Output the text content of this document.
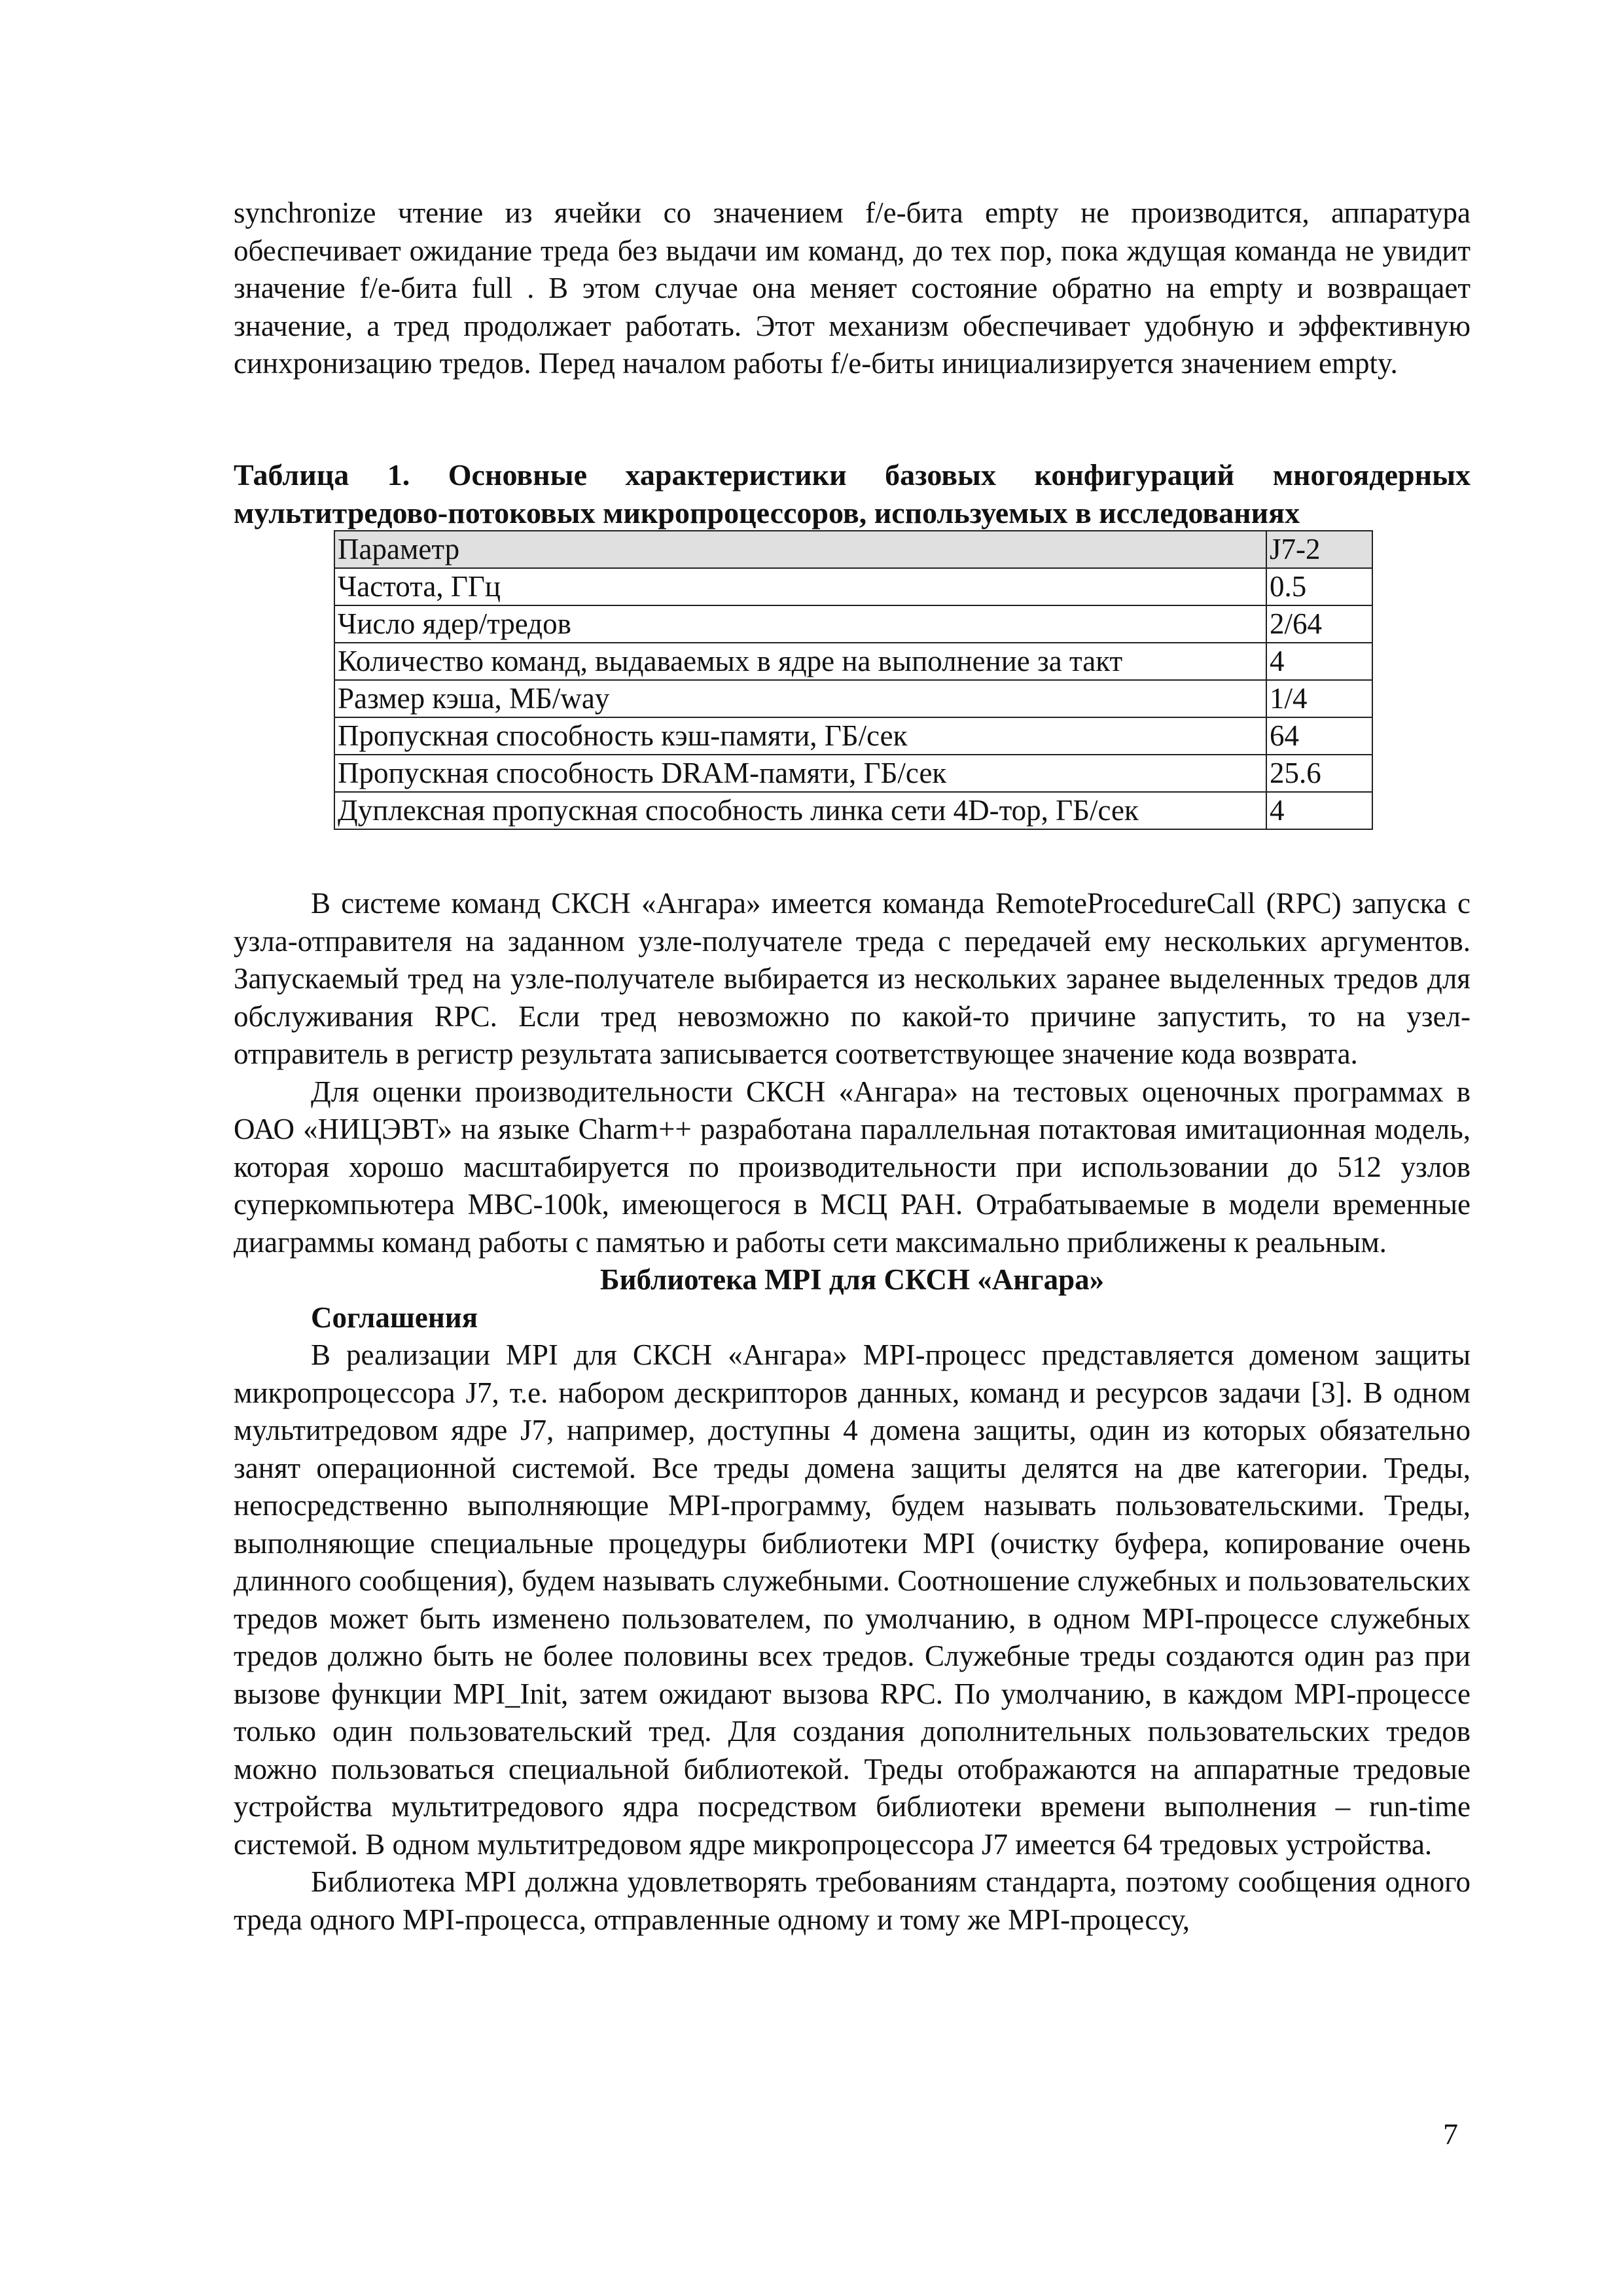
synchronize чтение из ячейки со значением f/e-бита empty не производится, аппаратура обеспечивает ожидание треда без выдачи им команд, до тех пор, пока ждущая команда не увидит значение f/e-бита full . В этом случае она меняет состояние обратно на empty и возвращает значение, а тред продолжает работать. Этот механизм обеспечивает удобную и эффективную синхронизацию тредов. Перед началом работы f/e-биты инициализируется значением empty.

Таблица 1. Основные характеристики базовых конфигураций многоядерных
мультитредово-потоковых микропроцессоров, используемых в исследованиях
Параметр	J7-2
Частота, ГГц	0.5
Число ядер/тредов	2/64
Количество команд, выдаваемых в ядре на выполнение за такт	4
Размер кэша, МБ/way	1/4
Пропускная способность кэш-памяти, ГБ/сек	64
Пропускная способность DRAM-памяти, ГБ/сек	25.6
Дуплексная пропускная способность линка сети 4D-тор, ГБ/сек	4

В системе команд СКСН «Ангара» имеется команда RemoteProcedureCall (RPC) запуска с узла-отправителя на заданном узле-получателе треда с передачей ему нескольких аргументов. Запускаемый тред на узле-получателе выбирается из нескольких заранее выделенных тредов для обслуживания RPC. Если тред невозможно по какой-то причине запустить, то на узел-отправитель в регистр результата записывается соответствующее значение кода возврата.

Для оценки производительности СКСН «Ангара» на тестовых оценочных программах в ОАО «НИЦЭВТ» на языке Charm++ разработана параллельная потактовая имитационная модель, которая хорошо масштабируется по производительности при использовании до 512 узлов суперкомпьютера МВС-100k, имеющегося в МСЦ РАН. Отрабатываемые в модели временные диаграммы команд работы с памятью и работы сети максимально приближены к реальным.

Библиотека MPI для СКСН «Ангара»

Соглашения

В реализации MPI для СКСН «Ангара» MPI-процесс представляется доменом защиты микропроцессора J7, т.е. набором дескрипторов данных, команд и ресурсов задачи [3]. В одном мультитредовом ядре J7, например, доступны 4 домена защиты, один из которых обязательно занят операционной системой. Все треды домена защиты делятся на две категории. Треды, непосредственно выполняющие MPI-программу, будем называть пользовательскими. Треды, выполняющие специальные процедуры библиотеки MPI (очистку буфера, копирование очень длинного сообщения), будем называть служебными. Соотношение служебных и пользовательских тредов может быть изменено пользователем, по умолчанию, в одном MPI-процессе служебных тредов должно быть не более половины всех тредов. Служебные треды создаются один раз при вызове функции MPI_Init, затем ожидают вызова RPC. По умолчанию, в каждом MPI-процессе только один пользовательский тред. Для создания дополнительных пользовательских тредов можно пользоваться специальной библиотекой. Треды отображаются на аппаратные тредовые устройства мультитредового ядра посредством библиотеки времени выполнения – run-time системой. В одном мультитредовом ядре микропроцессора J7 имеется 64 тредовых устройства.

Библиотека MPI должна удовлетворять требованиям стандарта, поэтому сообщения одного треда одного MPI-процесса, отправленные одному и тому же MPI-процессу,

7
